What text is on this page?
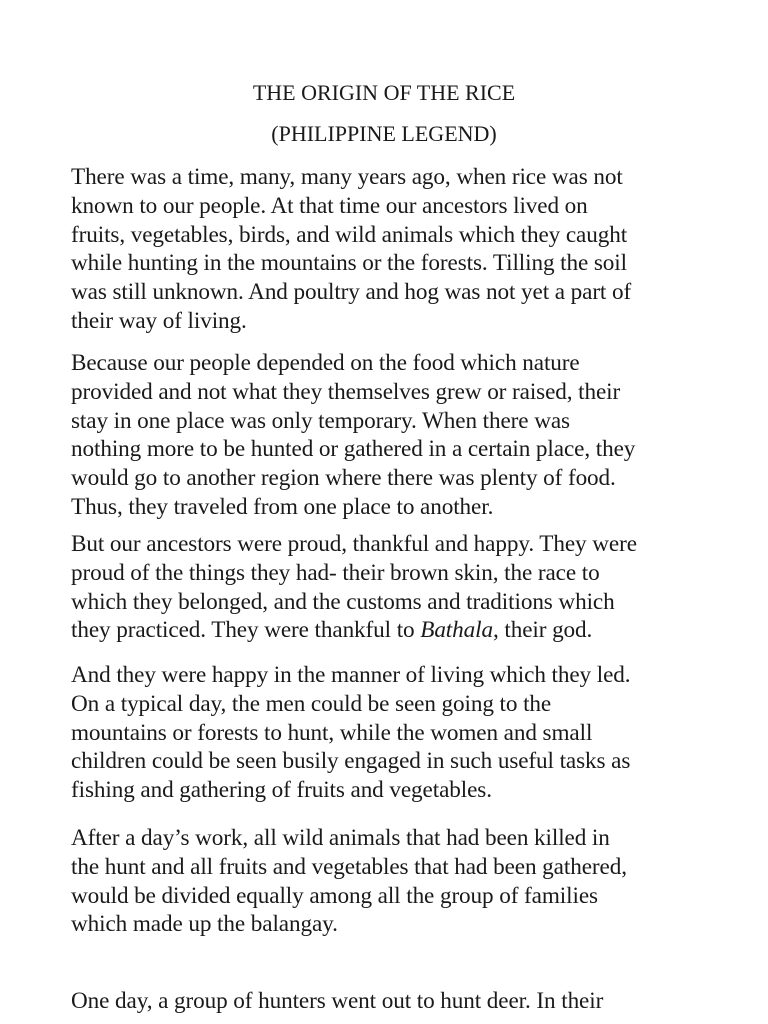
THE ORIGIN OF THE RICE
(PHILIPPINE LEGEND)

There was a time, many, many years ago, when rice was not
known to our people. At that time our ancestors lived on
fruits, vegetables, birds, and wild animals which they caught
while hunting in the mountains or the forests. Tilling the soil
was still unknown. And poultry and hog was not yet a part of
their way of living.

Because our people depended on the food which nature
provided and not what they themselves grew or raised, their
stay in one place was only temporary. When there was
nothing more to be hunted or gathered in a certain place, they
would go to another region where there was plenty of food.
Thus, they traveled from one place to another.

But our ancestors were proud, thankful and happy. They were
proud of the things they had- their brown skin, the race to
which they belonged, and the customs and traditions which
they practiced. They were thankful to Bathala, their god.

And they were happy in the manner of living which they led.
On a typical day, the men could be seen going to the
mountains or forests to hunt, while the women and small
children could be seen busily engaged in such useful tasks as
fishing and gathering of fruits and vegetables.

After a day’s work, all wild animals that had been killed in
the hunt and all fruits and vegetables that had been gathered,
would be divided equally among all the group of families
which made up the balangay.

One day, a group of hunters went out to hunt deer. In their
